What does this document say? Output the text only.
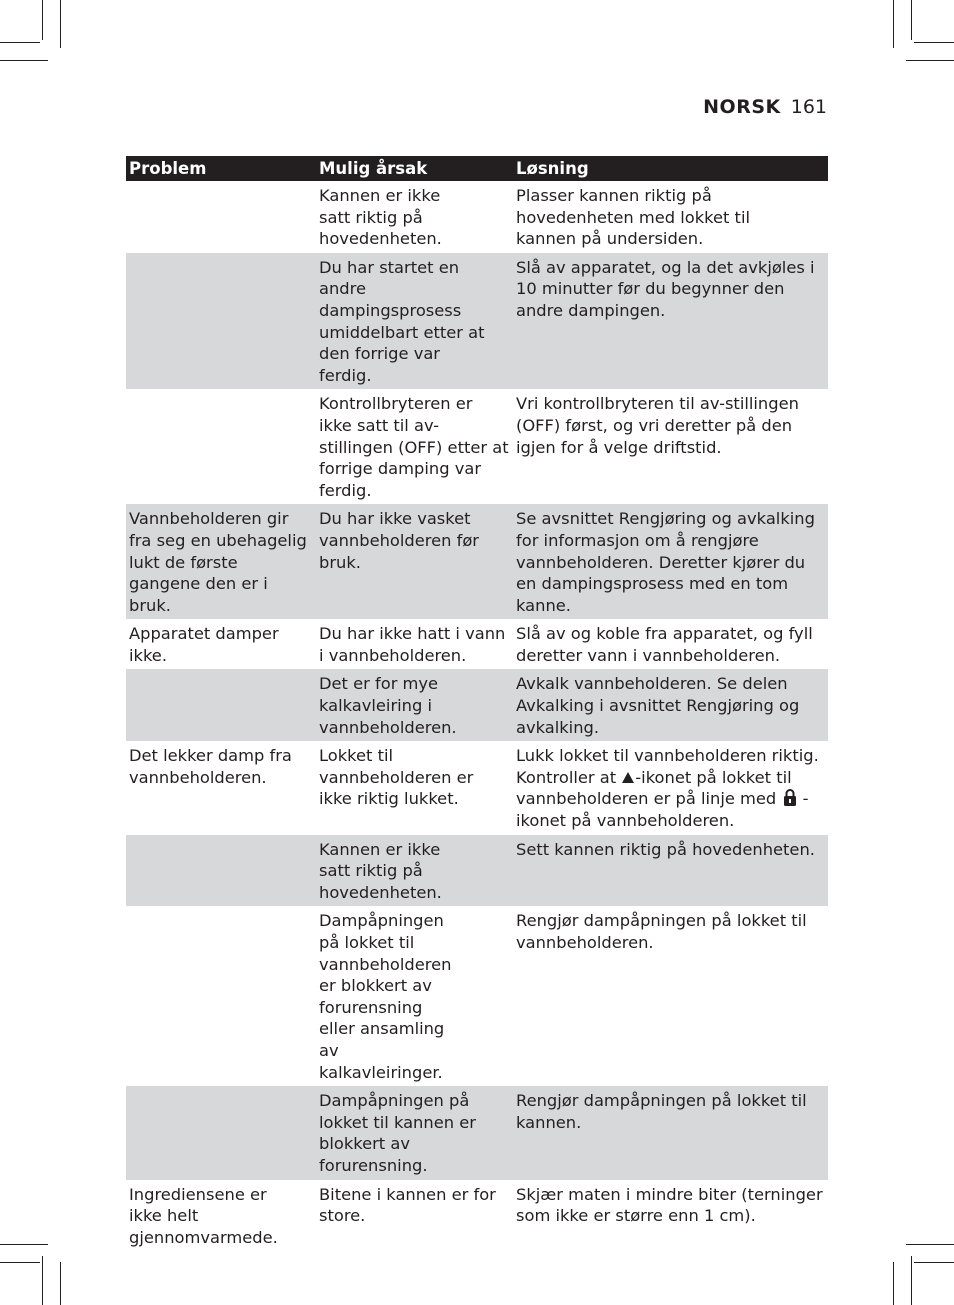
NORSK 161
Problem	Mulig årsak	Løsning
	Kannen er ikke satt riktig på hovedenheten.	Plasser kannen riktig på hovedenheten med lokket til kannen på undersiden.
	Du har startet en andre dampingsprosess umiddelbart etter at den forrige var ferdig.	Slå av apparatet, og la det avkjøles i 10 minutter før du begynner den andre dampingen.
	Kontrollbryteren er ikke satt til av-stillingen (OFF) etter at forrige damping var ferdig.	Vri kontrollbryteren til av-stillingen (OFF) først, og vri deretter på den igjen for å velge driftstid.
Vannbeholderen gir fra seg en ubehagelig lukt de første gangene den er i bruk.	Du har ikke vasket vannbeholderen før bruk.	Se avsnittet Rengjøring og avkalking for informasjon om å rengjøre vannbeholderen. Deretter kjører du en dampingsprosess med en tom kanne.
Apparatet damper ikke.	Du har ikke hatt i vann i vannbeholderen.	Slå av og koble fra apparatet, og fyll deretter vann i vannbeholderen.
	Det er for mye kalkavleiring i vannbeholderen.	Avkalk vannbeholderen. Se delen Avkalking i avsnittet Rengjøring og avkalking.
Det lekker damp fra vannbeholderen.	Lokket til vannbeholderen er ikke riktig lukket.	Lukk lokket til vannbeholderen riktig. Kontroller at -ikonet på lokket til vannbeholderen er på linje med  -ikonet på vannbeholderen.
	Kannen er ikke satt riktig på hovedenheten.	Sett kannen riktig på hovedenheten.
	Dampåpningen på lokket til vannbeholderen er blokkert av forurensning eller ansamling av kalkavleiringer.	Rengjør dampåpningen på lokket til vannbeholderen.
	Dampåpningen på lokket til kannen er blokkert av forurensning.	Rengjør dampåpningen på lokket til kannen.
Ingrediensene er ikke helt gjennomvarmede.	Bitene i kannen er for store.	Skjær maten i mindre biter (terninger som ikke er større enn 1 cm).
